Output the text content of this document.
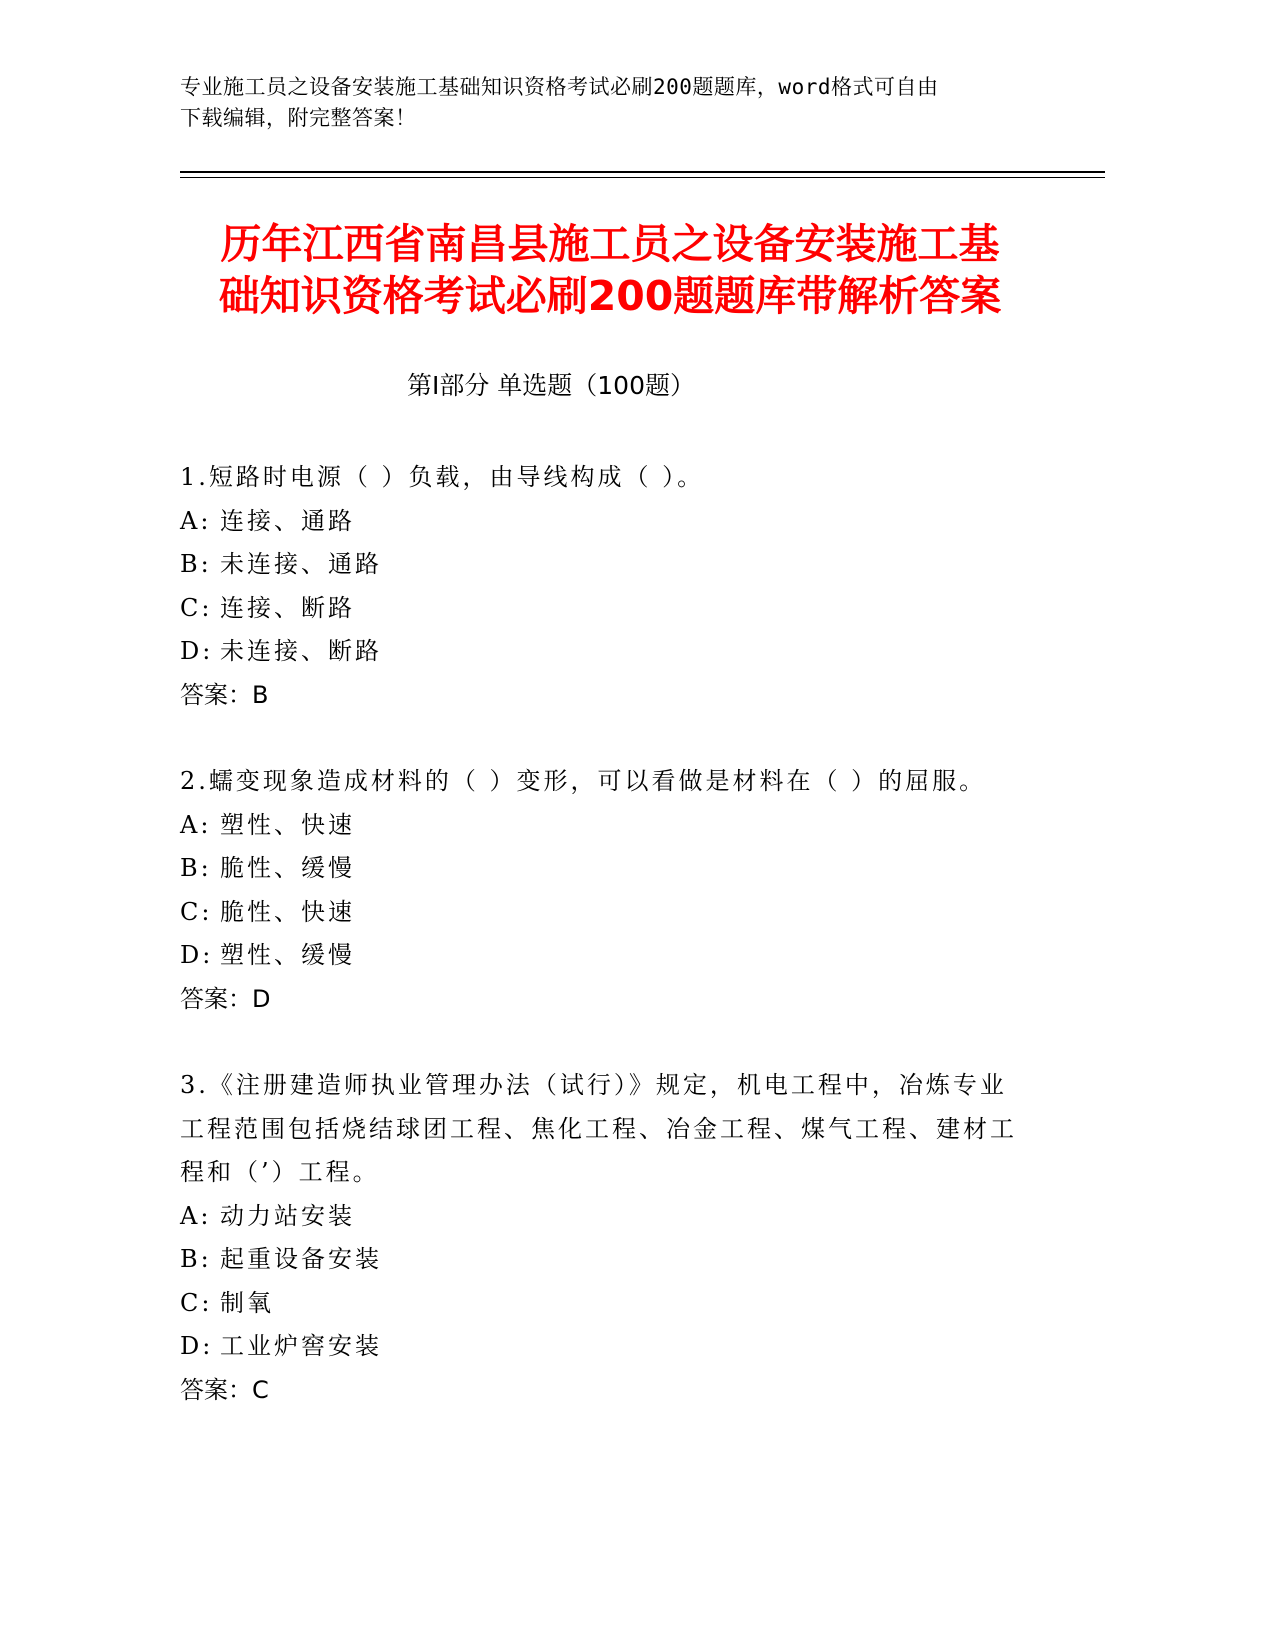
专业施工员之设备安装施工基础知识资格考试必刷200题题库，word格式可自由
下载编辑，附完整答案！
历年江西省南昌县施工员之设备安装施工基
础知识资格考试必刷200题题库带解析答案
第Ⅰ部分 单选题（100题）

1.短路时电源（ ）负载，由导线构成（ ）。

A: 连接、通路

B: 未连接、通路

C: 连接、断路

D: 未连接、断路

答案：B

2.蠕变现象造成材料的（ ）变形，可以看做是材料在（ ）的屈服。

A: 塑性、快速

B: 脆性、缓慢

C: 脆性、快速

D: 塑性、缓慢

答案：D

3.《注册建造师执业管理办法（试行）》规定，机电工程中，冶炼专业工程范围包括烧结球团工程、焦化工程、冶金工程、煤气工程、建材工程和（’）工程。

A: 动力站安装

B: 起重设备安装

C: 制氧

D: 工业炉窖安装

答案：C
